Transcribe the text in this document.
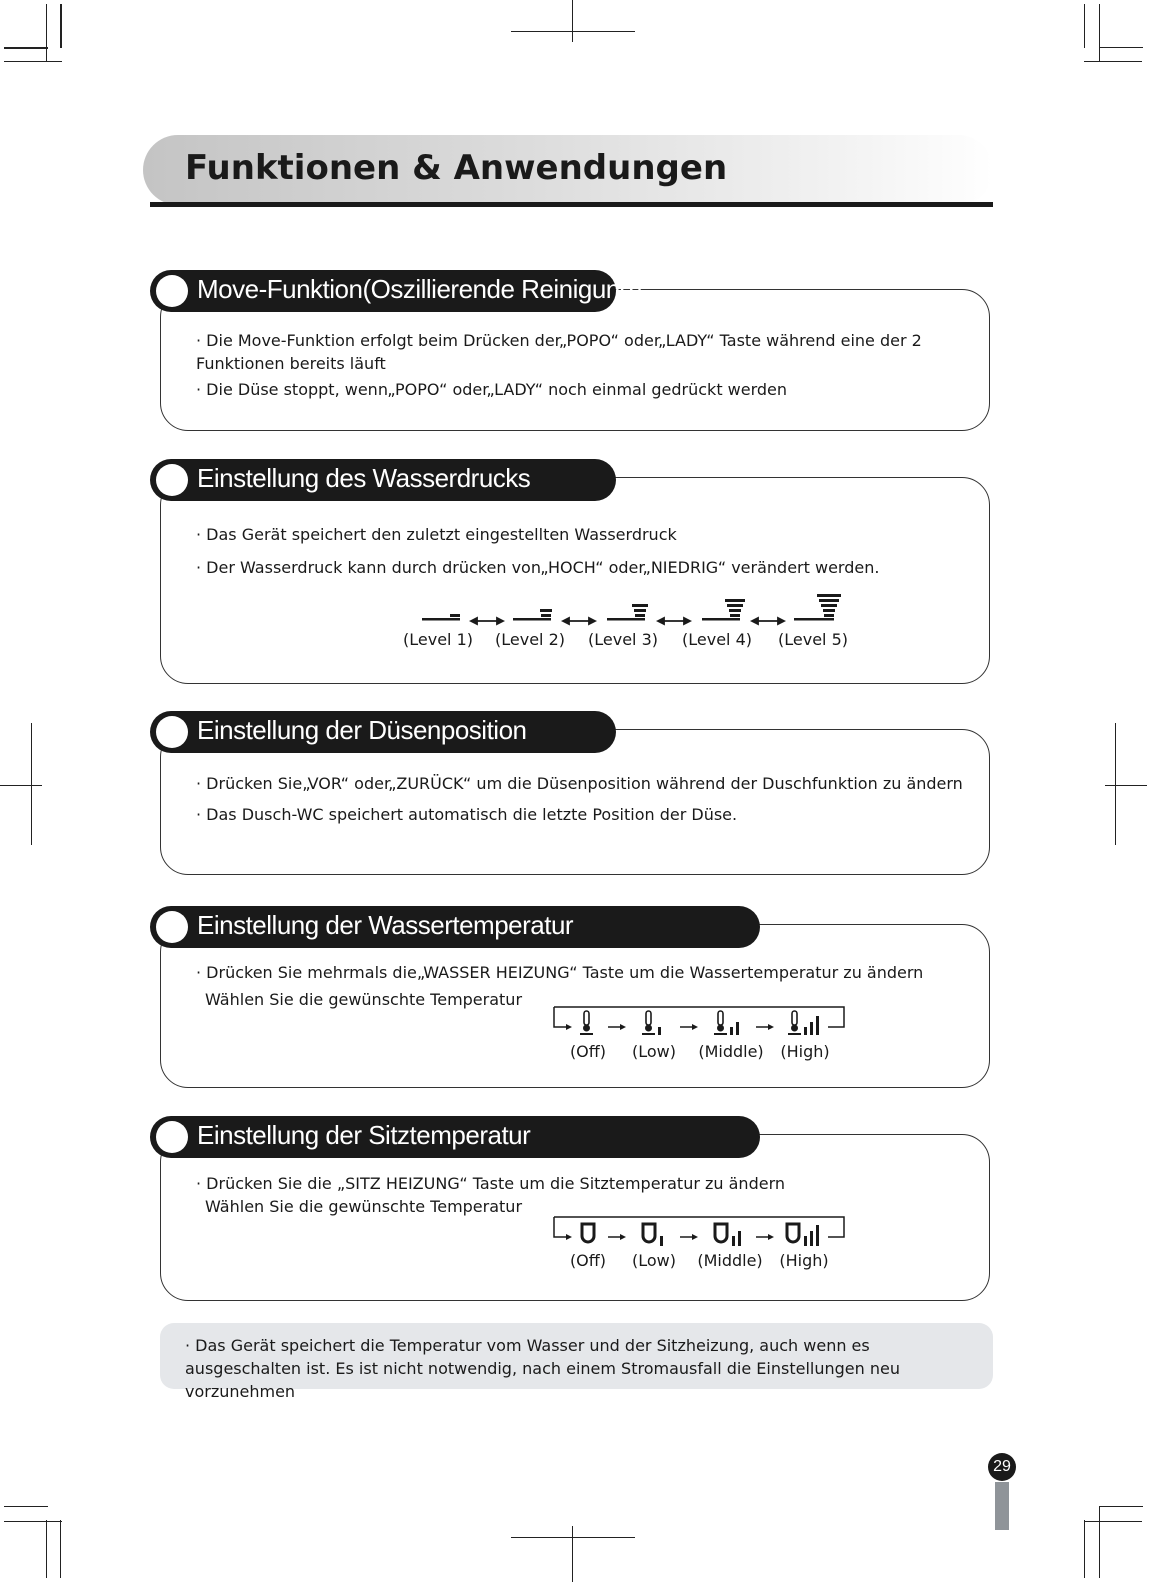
Funktionen & Anwendungen
Move-Funktion(Oszillierende Reinigung)
· Die Move-Funktion erfolgt beim Drücken der„POPO“ oder„LADY“ Taste während eine der 2 Funktionen bereits läuft
· Die Düse stoppt, wenn„POPO“ oder„LADY“ noch einmal gedrückt werden
Einstellung des Wasserdrucks
· Das Gerät speichert den zuletzt eingestellten Wasserdruck
· Der Wasserdruck kann durch drücken von„HOCH“ oder„NIEDRIG“ verändert werden.
(Level 1) (Level 2) (Level 3) (Level 4) (Level 5)
Einstellung der Düsenposition
· Drücken Sie„VOR“ oder„ZURÜCK“ um die Düsenposition während der Duschfunktion zu ändern
· Das Dusch-WC speichert automatisch die letzte Position der Düse.
Einstellung der Wassertemperatur
· Drücken Sie mehrmals die„WASSER HEIZUNG“ Taste um die Wassertemperatur zu ändern
Wählen Sie die gewünschte Temperatur
(Off)	(Low)	(Middle)	(High)
Einstellung der Sitztemperatur
· Drücken Sie die „SITZ HEIZUNG“ Taste um die Sitztemperatur zu ändern
Wählen Sie die gewünschte Temperatur
(Off)	(Low)	(Middle)	(High)
· Das Gerät speichert die Temperatur vom Wasser und der Sitzheizung, auch wenn es ausgeschalten ist. Es ist nicht notwendig, nach einem Stromausfall die Einstellungen neu vorzunehmen
29
